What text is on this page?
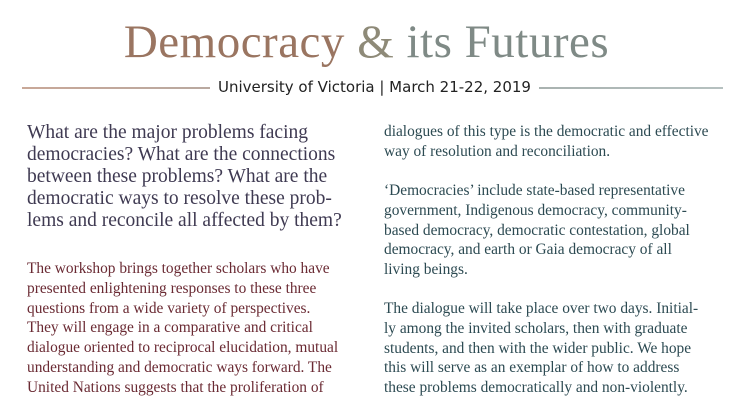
Democracy & its Futures
University of Victoria | March 21-22, 2019

What are the major problems facing
democracies? What are the connections
between these problems? What are the
democratic ways to resolve these prob-
lems and reconcile all affected by them?

The workshop brings together scholars who have
presented enlightening responses to these three
questions from a wide variety of perspectives.
They will engage in a comparative and critical
dialogue oriented to reciprocal elucidation, mutual
understanding and democratic ways forward. The
United Nations suggests that the proliferation of

dialogues of this type is the democratic and effective
way of resolution and reconciliation.

‘Democracies’ include state-based representative
government, Indigenous democracy, community-
based democracy, democratic contestation, global
democracy, and earth or Gaia democracy of all
living beings.

The dialogue will take place over two days. Initial-
ly among the invited scholars, then with graduate
students, and then with the wider public. We hope
this will serve as an exemplar of how to address
these problems democratically and non-violently.
